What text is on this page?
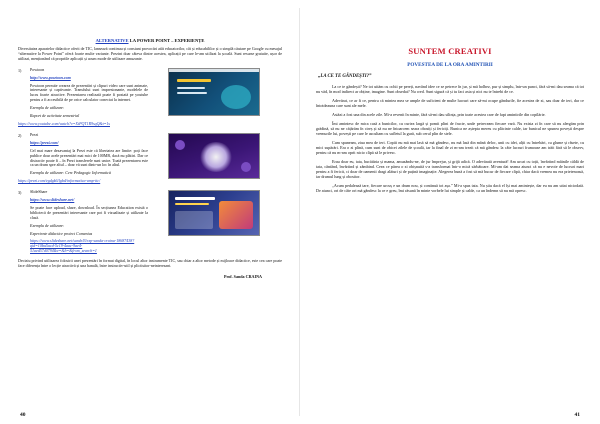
ALTERNATIVE LA POWER POINT – EXPERIENȚE

Diversitatea aparatelor didactice oferit de TIC, lansează continuu și constant provocări atât educatorilor, cât și educabililor și o simplă căutare pe Google cu mesajul “alternative la Power Point” oferă foarte multe variante. Prezint doar câteva dintre acestea, aplicații pe care le-am utilizat la școală. Sunt resurse gratuite, ușor de utilizat, menționând că propriile aplicații și acum mode de utilizare amuzante.

1) Powtoon

http://www.powtoon.com

Powtoon permite crearea de prezentări și clipuri video care sunt animate, interesante și captivante. Transfului sunt impresionante, modelele de lucru foarte atractive. Prezentarea realizată poate fi postată pe youtube pentru a fi accesibilă de pe orice calculator conectat la internet.

Exemplu de utilizare:

Raport de activitate semestrial

https://www.youtube.com/watch?v=XtPQT1R9sqQ&t=1s

2) Prezi

https://prezi.com/

Cel mai mare dezavantaj la Prezi este că libertatea are limite: poți face publice doar acele prezentări mai mici de 100MB, dacă nu plătiri. Dar ce distractiv poate fi – în Prezi transferele sunt unice. Toată prezentarea este ca un drum spre altul – doar vă sunt dintr-un loc în altul.

Exemplu de utilizare: Cerc Pedagogic Informatică

https://prezi.com/egdgk6/lgbd/informatica-amp-tic/

3) SlideShare

https://www.slideshare.net/

Se poate face upload, share, download. În secțiunea Education există o bibliotecă de prezentări interesante care pot fi vizualizate și utilizate la clasă.

Exemplu de utilizare:

Experiente didactice proiect Comenius

https://www.slideshare.net/sandrl3/exp-sanda-craina-18687438?qid=10ba5acd-5c19-4aac-9ae4-51aed57d0794&v=&b=&from_search=1

Deciziu privind utilizarea folosirii unei prezentări în format digital, în locul altor instrumente TIC, sau chiar a altor metode și mijloace didactice, este cea care poate face diferența între o lecție atractivă și una banală, între instructiv-util și plictisitor-neinteresant.

Prof. Sanda CRAINA
40
SUNTEM CREATIVI
POVESTEA DE LA ORA AMINTIRII
„LA CE TE GÂNDEȘTI?”

La ce te gândești? Ne tot uităm cu ochii pe pereți, navând idee ce se petrece în jur, și mă holbez, pur și simplu, într-un punct, fără să-mi dau seama că tot nu văd, în mod indirect ar obține, imagine. Sunt obsedat? Nu cred. Sunt sigură că și tu faci asta și nici nu te întrebi de ce.

Adevărat, ce ar fi ce, pentru că mintea mea se umple de suficient de multe lucruri care să-mi ocupe gândurile, fie acestea de zi, sau doar de ieri, dar ce întotdeauna care sunt ale mele.

Astăzi a fost una din acele zile. Mi-a revenit în minte, fără să-mi dau silința, prin toate acestea care de fapt amintirile din copilărie.

Îmi amintesc de mica casă a bunicilor, cu curtea largă și pomii plini de fructe, unde petreceam fiecare vară. Nu exista zi în care să nu alergăm prin grădină, să nu ne cățărăm în cireș și să nu ne întoarcem seara obosiți și fericiți. Bunica ne aștepta mereu cu plăcinte calde, iar bunicul ne spunea povești despre vremurile lui, povești pe care le ascultam cu sufletul la gură, sub cerul plin de stele.

Cum spuneam, ziua mea de ieri. Copiii nu mă mai lasă să mă gândesc, nu mă lasă din mână deloc, unii cu idei, alții cu întrebări, cu glume și râsete, cu mici supărări. Era o zi plină, cum sunt de obicei zilele de școală, iar la final de zi m-am trezit că mă gândesc la câte lucruri frumoase am trăit fără să le observ, pentru că nu m-am oprit nicio clipă să le privesc.

Erau doar eu, tata, bucătăria și mama, amuzându-ne, de jur împrejur, și grijă adică. O adevărată aventură! Am urcat cu toții, învârtind mâinile căldă de tata, cântând, învârtind și zâmbind. Ceea ce părea o zi obișnuită s-a transformat într-o mică sărbătoare. Mi-am dat seama atunci că nu e nevoie de lucruri mari pentru a fi fericit, ci doar de oamenii dragi alături și de puțină imaginație. Alegerea bună a fost să mă bucur de fiecare clipă, chiar dacă vremea nu era prietenoasă, iar drumul lung și obositor.

„Acum pedalează tare, fiecare urcuș e un drum nou, și continuă tot așa.” Mi-a spus tata. Nu știu dacă el își mai amintește, dar eu nu am uitat niciodată. De atunci, ori de câte ori mă gândesc la ce e greu, îmi răsună în minte vorbele lui simple și calde, ca un îndemn să nu mă opresc.

41
